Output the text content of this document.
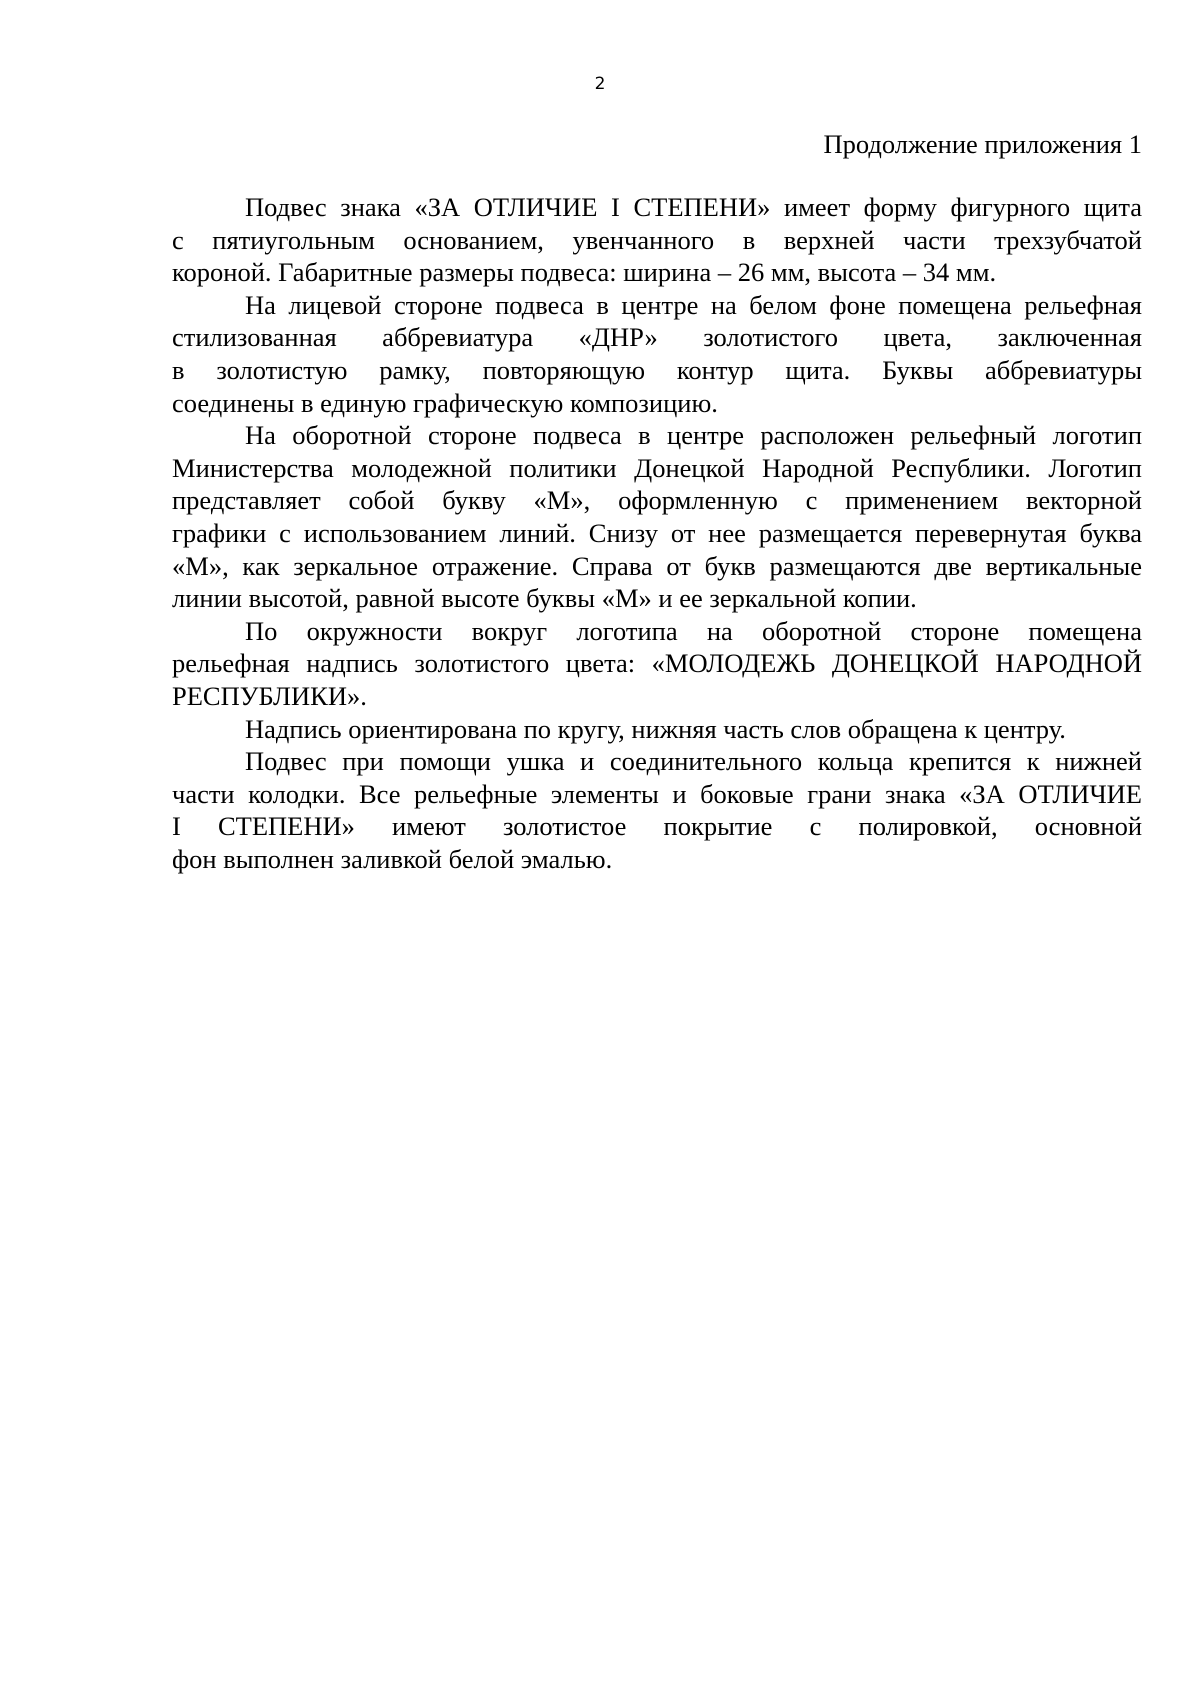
2
Продолжение приложения 1
Подвес знака «ЗА ОТЛИЧИЕ I СТЕПЕНИ» имеет форму фигурного щита
с пятиугольным основанием, увенчанного в верхней части трехзубчатой
короной. Габаритные размеры подвеса: ширина – 26 мм, высота – 34 мм.
На лицевой стороне подвеса в центре на белом фоне помещена рельефная
стилизованная аббревиатура «ДНР» золотистого цвета, заключенная
в золотистую рамку, повторяющую контур щита. Буквы аббревиатуры
соединены в единую графическую композицию.
На оборотной стороне подвеса в центре расположен рельефный логотип
Министерства молодежной политики Донецкой Народной Республики. Логотип
представляет собой букву «М», оформленную с применением векторной
графики с использованием линий. Снизу от нее размещается перевернутая буква
«М», как зеркальное отражение. Справа от букв размещаются две вертикальные
линии высотой, равной высоте буквы «М» и ее зеркальной копии.
По окружности вокруг логотипа на оборотной стороне помещена
рельефная надпись золотистого цвета: «МОЛОДЕЖЬ ДОНЕЦКОЙ НАРОДНОЙ
РЕСПУБЛИКИ».
Надпись ориентирована по кругу, нижняя часть слов обращена к центру.
Подвес при помощи ушка и соединительного кольца крепится к нижней
части колодки. Все рельефные элементы и боковые грани знака «ЗА ОТЛИЧИЕ
I СТЕПЕНИ» имеют золотистое покрытие с полировкой, основной
фон выполнен заливкой белой эмалью.
